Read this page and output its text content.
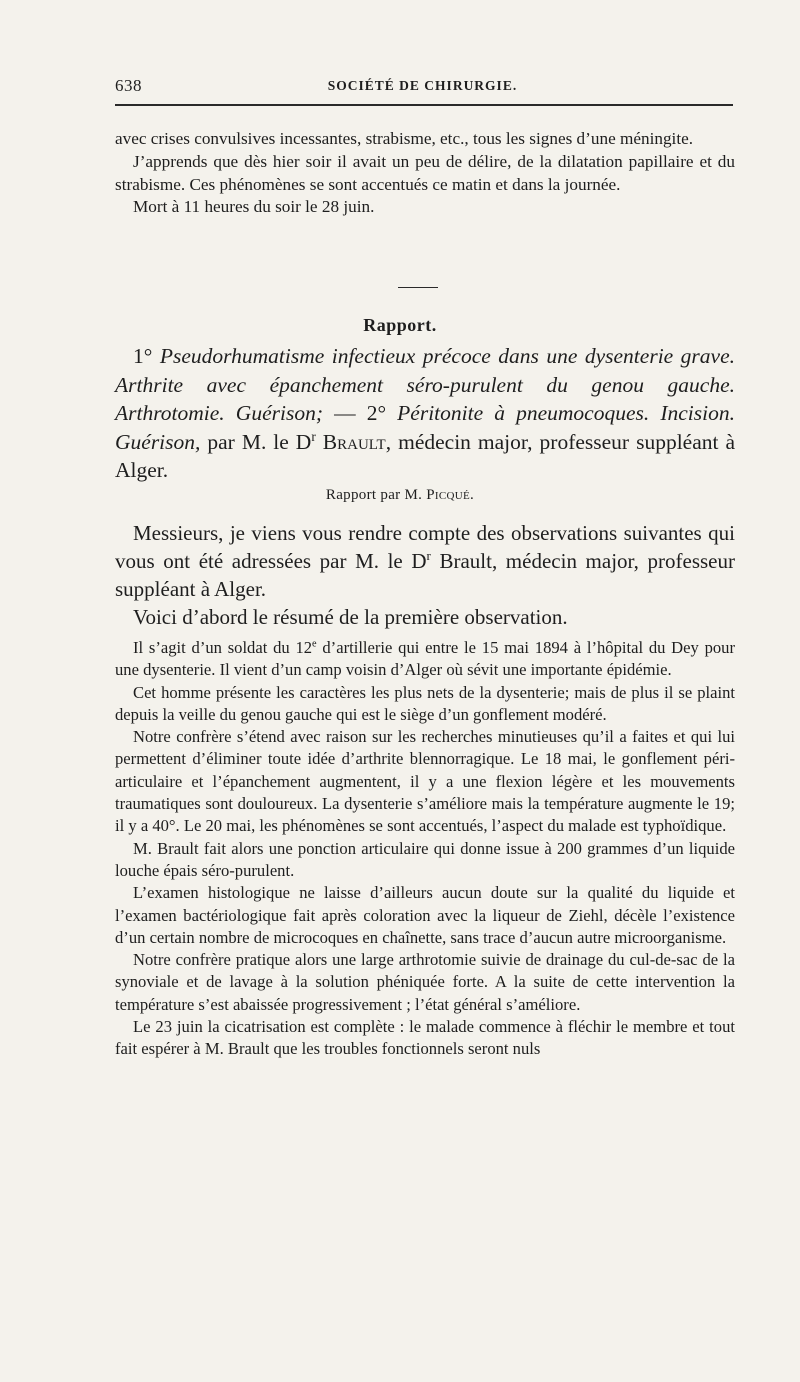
638	SOCIÉTÉ DE CHIRURGIE.

avec crises convulsives incessantes, strabisme, etc., tous les signes d’une méningite.

J’apprends que dès hier soir il avait un peu de délire, de la dilatation papillaire et du strabisme. Ces phénomènes se sont accentués ce matin et dans la journée.

Mort à 11 heures du soir le 28 juin.

Rapport.

1° Pseudorhumatisme infectieux précoce dans une dysenterie grave. Arthrite avec épanchement séro-purulent du genou gauche. Arthrotomie. Guérison; — 2° Péritonite à pneumocoques. Incision. Guérison, par M. le $D^r$ Brault, médecin major, professeur suppléant à Alger.

Rapport par M. Picqué.

Messieurs, je viens vous rendre compte des observations suivantes qui vous ont été adressées par M. le $D^r$ Brault, médecin major, professeur suppléant à Alger.

Voici d’abord le résumé de la première observation.

Il s’agit d’un soldat du 12e d’artillerie qui entre le 15 mai 1894 à l’hôpital du Dey pour une dysenterie. Il vient d’un camp voisin d’Alger où sévit une importante épidémie.

Cet homme présente les caractères les plus nets de la dysenterie; mais de plus il se plaint depuis la veille du genou gauche qui est le siège d’un gonflement modéré.

Notre confrère s’étend avec raison sur les recherches minutieuses qu’il a faites et qui lui permettent d’éliminer toute idée d’arthrite blennorragique. Le 18 mai, le gonflement péri-articulaire et l’épanchement augmentent, il y a une flexion légère et les mouvements traumatiques sont douloureux. La dysenterie s’améliore mais la température augmente le 19; il y a 40°. Le 20 mai, les phénomènes se sont accentués, l’aspect du malade est typhoïdique.

M. Brault fait alors une ponction articulaire qui donne issue à 200 grammes d’un liquide louche épais séro-purulent.

L’examen histologique ne laisse d’ailleurs aucun doute sur la qualité du liquide et l’examen bactériologique fait après coloration avec la liqueur de Ziehl, décèle l’existence d’un certain nombre de microcoques en chaînette, sans trace d’aucun autre microorganisme.

Notre confrère pratique alors une large arthrotomie suivie de drainage du cul-de-sac de la synoviale et de lavage à la solution phéniquée forte. A la suite de cette intervention la température s’est abaissée progressivement ; l’état général s’améliore.

Le 23 juin la cicatrisation est complète : le malade commence à fléchir le membre et tout fait espérer à M. Brault que les troubles fonctionnels seront nuls
